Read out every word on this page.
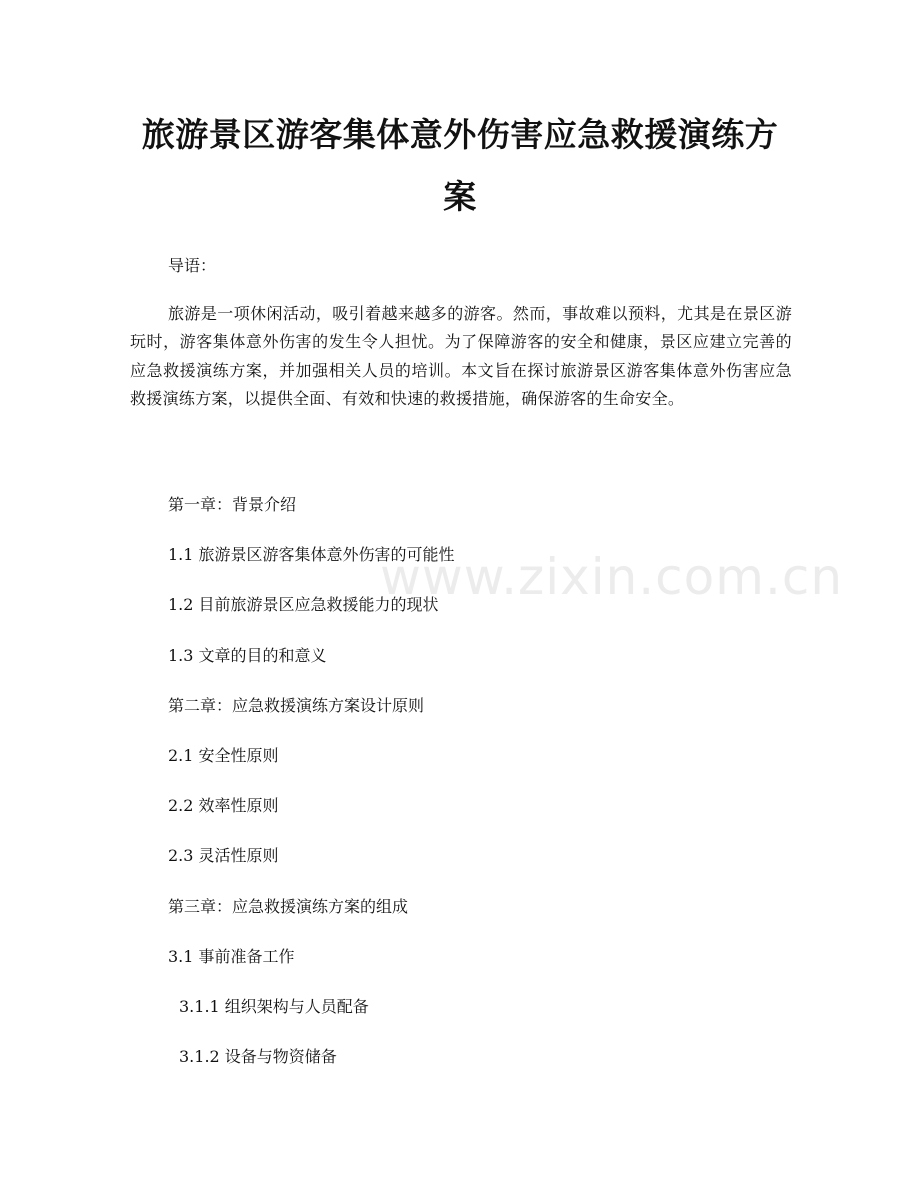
www.zixin.com.cn
旅游景区游客集体意外伤害应急救援演练方
案

导语：

旅游是一项休闲活动，吸引着越来越多的游客。然而，事故难以预料，尤其是在景区游玩时，游客集体意外伤害的发生令人担忧。为了保障游客的安全和健康，景区应建立完善的应急救援演练方案，并加强相关人员的培训。本文旨在探讨旅游景区游客集体意外伤害应急救援演练方案，以提供全面、有效和快速的救援措施，确保游客的生命安全。

第一章：背景介绍

1.1 旅游景区游客集体意外伤害的可能性

1.2 目前旅游景区应急救援能力的现状

1.3 文章的目的和意义

第二章：应急救援演练方案设计原则

2.1 安全性原则

2.2 效率性原则

2.3 灵活性原则

第三章：应急救援演练方案的组成

3.1 事前准备工作

3.1.1 组织架构与人员配备

3.1.2 设备与物资储备
